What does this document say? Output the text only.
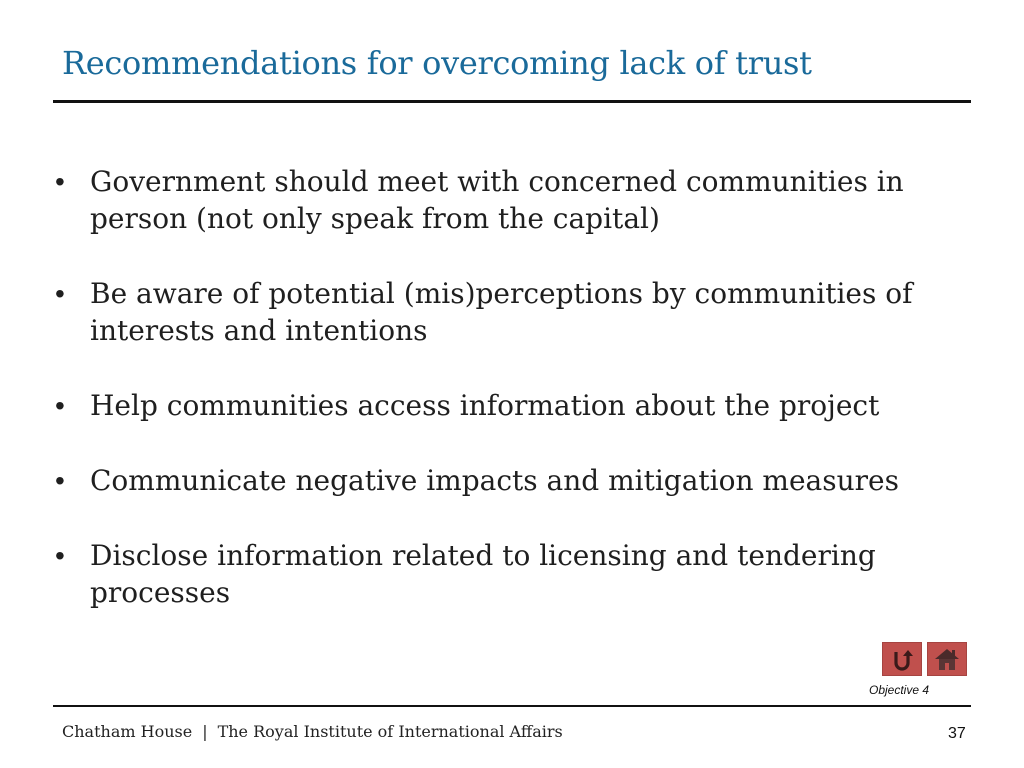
Recommendations for overcoming lack of trust
• Government should meet with concerned communities in person (not only speak from the capital)
• Be aware of potential (mis)perceptions by communities of interests and intentions
• Help communities access information about the project
• Communicate negative impacts and mitigation measures
• Disclose information related to licensing and tendering processes
Objective 4
Chatham House | The Royal Institute of International Affairs	37
